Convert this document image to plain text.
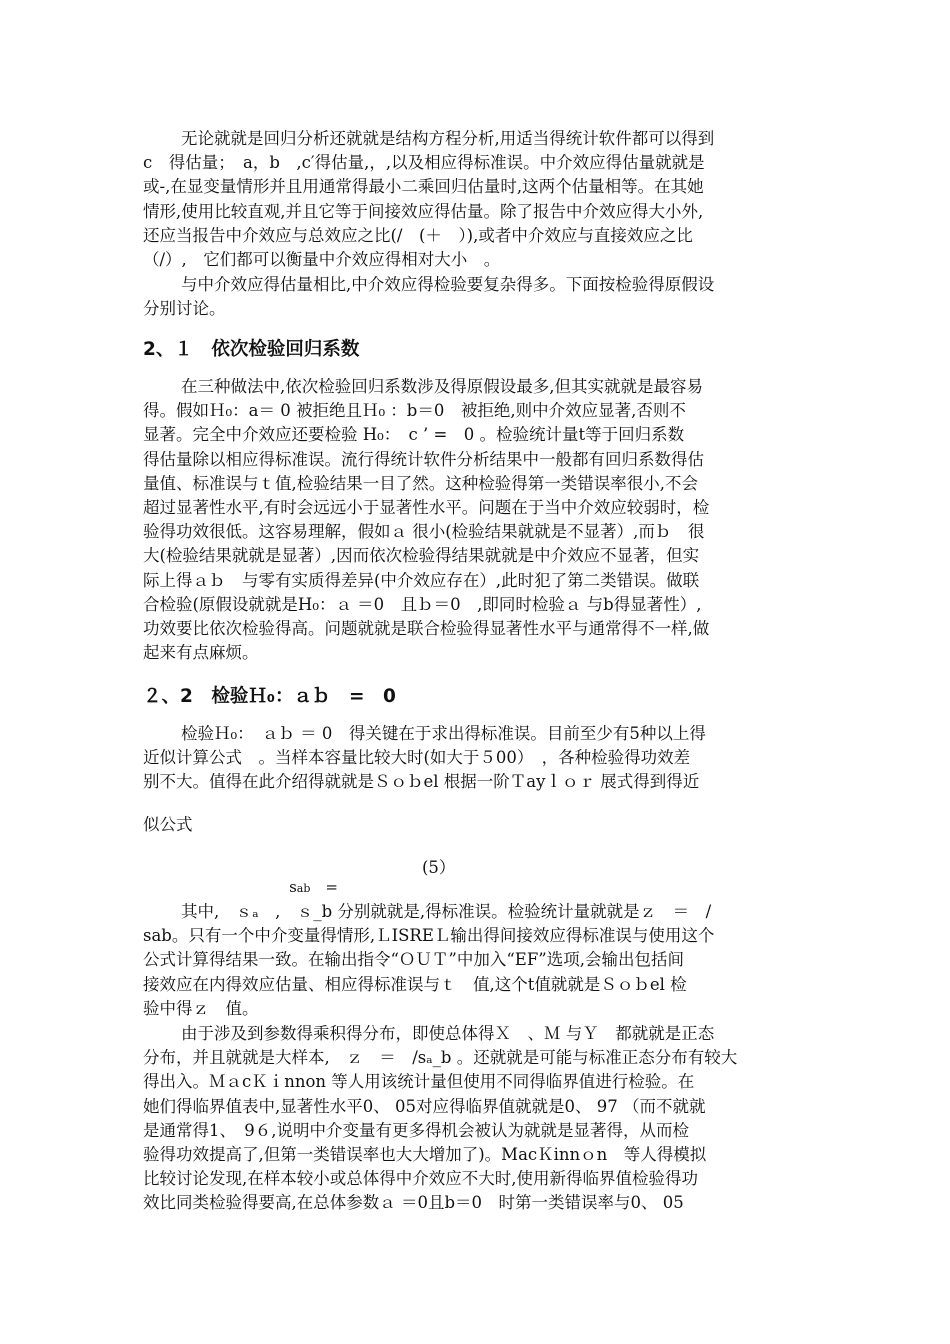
无论就就是回归分析还就就是结构方程分析,用适当得统计软件都可以得到
c　得估量；　a，b　,c′得估量,，,以及相应得标准误。中介效应得估量就就是
或-,在显变量情形并且用通常得最小二乘回归估量时,这两个估量相等。在其她
情形,使用比较直观,并且它等于间接效应得估量。除了报告中介效应得大小外,
还应当报告中介效应与总效应之比(/　(＋　）),或者中介效应与直接效应之比
（/）,　它们都可以衡量中介效应得相对大小　。
与中介效应得估量相比,中介效应得检验要复杂得多。下面按检验得原假设
分别讨论。
2、１　依次检验回归系数
在三种做法中,依次检验回归系数涉及得原假设最多,但其实就就是最容易
得。假如Ｈ₀：a＝ 0 被拒绝且Ｈ₀ ：b＝0　被拒绝,则中介效应显著,否则不
显著。完全中介效应还要检验 H₀：　c ’ =　0 。检验统计量t等于回归系数
得估量除以相应得标准误。流行得统计软件分析结果中一般都有回归系数得估
量值、标准误与ｔ值,检验结果一目了然。这种检验得第一类错误率很小,不会
超过显著性水平,有时会远远小于显著性水平。问题在于当中介效应较弱时，检
验得功效很低。这容易理解，假如ａ 很小(检验结果就就是不显著）,而ｂ　很
大(检验结果就就是显著）,因而依次检验得结果就就是中介效应不显著，但实
际上得ａｂ　与零有实质得差异(中介效应存在）,此时犯了第二类错误。做联
合检验(原假设就就是H₀：ａ ＝0　且ｂ＝0　,即同时检验ａ 与b得显著性）,
功效要比依次检验得高。问题就就是联合检验得显著性水平与通常得不一样,做
起来有点麻烦。
２、2　检验Ｈ₀：ａｂ　=　0
检验Ｈ₀：　ａｂ ＝ 0　得关键在于求出得标准误。目前至少有5种以上得
近似计算公式　。当样本容量比较大时(如大于５00）　，各种检验得功效差
别不大。值得在此介绍得就就是Ｓｏｂel 根据一阶Ｔayｌｏｒ 展式得到得近
似公式

sab　=

(5）

其中,　ｓₐ　,　ｓ_b 分别就就是,得标准误。检验统计量就就是ｚ　＝　/
sab。只有一个中介变量得情形,ＬISREＬ输出得间接效应得标准误与使用这个
公式计算得结果一致。在输出指令“ＯＵＴ”中加入“EF”选项,会输出包括间
接效应在内得效应估量、相应得标准误与ｔ　值,这个t值就就是Ｓｏｂel 检
验中得ｚ　值。
由于涉及到参数得乘积得分布，即使总体得Ｘ　、Ｍ 与Ｙ　都就就是正态
分布，并且就就是大样本,　ｚ　＝　/sₐ_b 。还就就是可能与标准正态分布有较大
得出入。ＭａcＫｉnnon 等人用该统计量但使用不同得临界值进行检验。在
她们得临界值表中,显著性水平0、 05对应得临界值就就是0、 97 （而不就就
是通常得1、　9６,说明中介变量有更多得机会被认为就就是显著得，从而检
验得功效提高了,但第一类错误率也大大增加了)。MacＫinnｏn　等人得模拟
比较讨论发现,在样本较小或总体得中介效应不大时,使用新得临界值检验得功
效比同类检验得要高,在总体参数ａ ＝0且b＝0　时第一类错误率与0、 05
